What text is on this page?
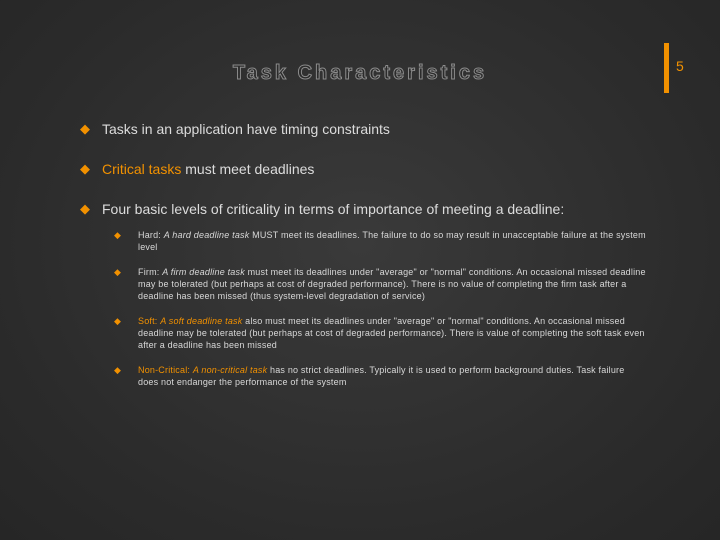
5
Task Characteristics
◆ Tasks in an application have timing constraints
◆ Critical tasks must meet deadlines
◆ Four basic levels of criticality in terms of importance of meeting a deadline:
◆	Hard: A hard deadline task MUST meet its deadlines. The failure to do so may result in unacceptable failure at the system level
◆	Firm: A firm deadline task must meet its deadlines under "average" or "normal" conditions. An occasional missed deadline may be tolerated (but perhaps at cost of degraded performance). There is no value of completing the firm task after a deadline has been missed (thus system-level degradation of service)
◆	Soft: A soft deadline task also must meet its deadlines under "average" or "normal" conditions. An occasional missed deadline may be tolerated (but perhaps at cost of degraded performance). There is value of completing the soft task even after a deadline has been missed
◆	Non-Critical: A non-critical task has no strict deadlines. Typically it is used to perform background duties. Task failure does not endanger the performance of the system
